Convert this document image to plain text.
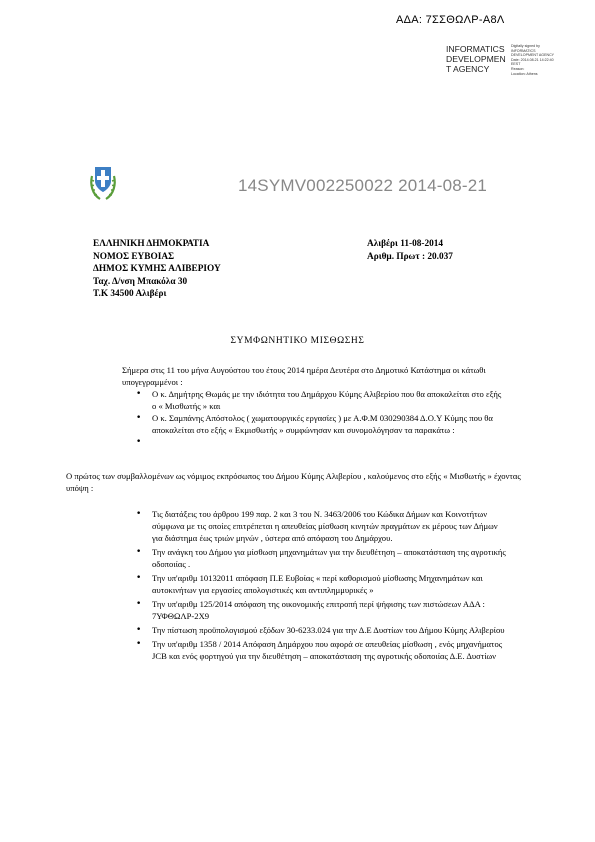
ΑΔΑ: 7ΣΣΘΩΛΡ-Α8Λ
INFORMATICS
DEVELOPMEN
T AGENCY
Digitally signed by
INFORMATICS
DEVELOPMENT AGENCY
Date: 2014.08.21 14:22:40
EEST
Reason:
Location: Athens
14SYMV002250022 2014-08-21
ΕΛΛΗΝΙΚΗ ΔΗΜΟΚΡΑΤΙΑ
ΝΟΜΟΣ ΕΥΒΟΙΑΣ
ΔΗΜΟΣ ΚΥΜΗΣ ΑΛΙΒΕΡΙΟΥ
Ταχ. Δ/νση Μπακόλα 30
Τ.Κ 34500 Αλιβέρι
Αλιβέρι 11-08-2014
Αριθμ. Πρωτ : 20.037
ΣΥΜΦΩΝΗΤΙΚΟ ΜΙΣΘΩΣΗΣ
Σήμερα στις 11 του μήνα Αυγούστου του έτους 2014 ημέρα Δευτέρα στο Δημοτικό Κατάστημα οι κάτωθι υπογεγραμμένοι :
• Ο κ. Δημήτρης Θωμάς με την ιδιότητα του Δημάρχου Κύμης Αλιβερίου που θα αποκαλείται στο εξής ο « Μισθωτής » και
• Ο κ. Σαμπάνης Απόστολος ( χωματουργικές εργασίες ) με Α.Φ.Μ 030290384 Δ.Ο.Υ Κύμης που θα αποκαλείται στο εξής « Εκμισθωτής » συμφώνησαν και συνομολόγησαν τα παρακάτω :
Ο πρώτος των συμβαλλομένων ως νόμιμος εκπρόσωπος του Δήμου Κύμης Αλιβερίου , καλούμενος στο εξής « Μισθωτής » έχοντας υπόψη :
• Τις διατάξεις του άρθρου 199 παρ. 2 και 3 του Ν. 3463/2006 του Κώδικα Δήμων και Κοινοτήτων σύμφωνα με τις οποίες επιτρέπεται η απευθείας μίσθωση κινητών πραγμάτων εκ μέρους των Δήμων για διάστημα έως τριών μηνών , ύστερα από απόφαση του Δημάρχου.
• Την ανάγκη του Δήμου για μίσθωση μηχανημάτων για την διευθέτηση – αποκατάσταση της αγροτικής οδοποιίας .
• Την υπ'αριθμ 10132011 απόφαση Π.Ε Ευβοίας « περί καθορισμού μίσθωσης Μηχανημάτων και αυτοκινήτων για εργασίες απολογιστικές και αντιπλημμυρικές »
• Την υπ'αριθμ 125/2014 απόφαση της οικονομικής επιτροπή περί ψήφισης των πιστώσεων ΑΔΑ : 7ΥΦΘΩΛΡ-2Χ9
• Την πίστωση προϋπολογισμού εξόδων 30-6233.024 για την Δ.Ε Δυστίων του Δήμου Κύμης Αλιβερίου
• Την υπ'αριθμ 1358 / 2014 Απόφαση Δημάρχου που αφορά σε απευθείας μίσθωση , ενός μηχανήματος JCB και ενός φορτηγού για την διευθέτηση – αποκατάσταση της αγροτικής οδοποιίας Δ.Ε. Δυστίων
